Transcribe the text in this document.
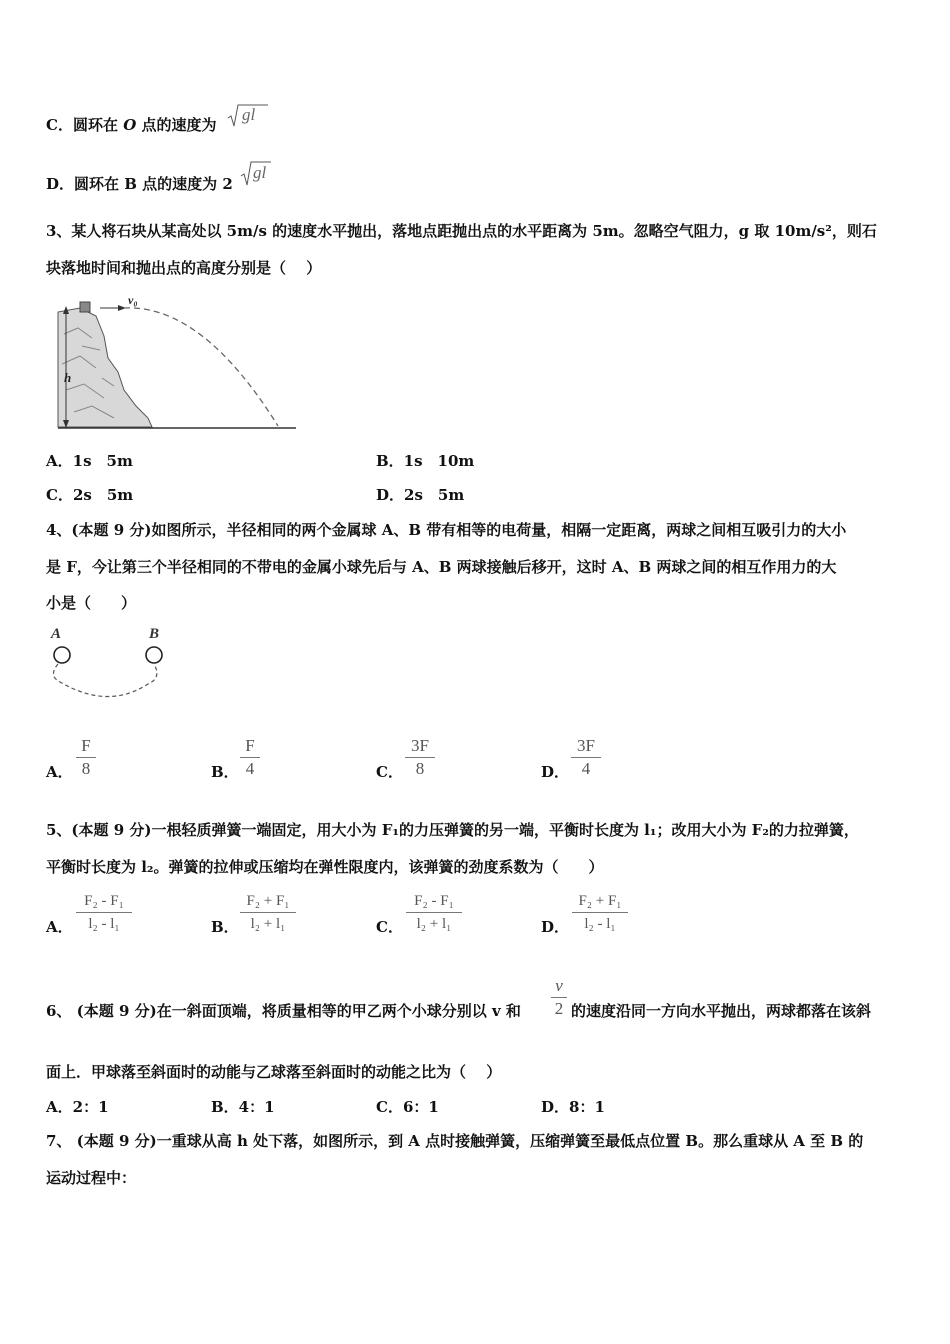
C．圆环在 O 点的速度为
gl
D．圆环在 B 点的速度为 2
gl
3、某人将石块从某高处以 5m/s 的速度水平抛出，落地点距抛出点的水平距离为 5m。忽略空气阻力，g 取 10m/s²，则石
块落地时间和抛出点的高度分别是（　 ）
h
v₀
A．1s　5m	B．1s　10m
C．2s　5m	D．2s　5m
4、(本题 9 分)如图所示，半径相同的两个金属球 A、B 带有相等的电荷量，相隔一定距离，两球之间相互吸引力的大小
是 F，今让第三个半径相同的不带电的金属小球先后与 A、B 两球接触后移开，这时 A、B 两球之间的相互作用力的大
小是（　　）
A	B
A．
F
8	B．
F
4	C．
3F
8	D．
3F
4
5、(本题 9 分)一根轻质弹簧一端固定，用大小为 F₁的力压弹簧的另一端，平衡时长度为 l₁；改用大小为 F₂的力拉弹簧，
平衡时长度为 l₂。弹簧的拉伸或压缩均在弹性限度内，该弹簧的劲度系数为（　　）
A．
F₂ - F₁
l₂ - l₁	B．
F₂ + F₁
l₂ + l₁	C．
F₂ - F₁
l₂ + l₁	D．
F₂ + F₁
l₂ - l₁
6、 (本题 9 分)在一斜面顶端，将质量相等的甲乙两个小球分别以 v 和
v
2 的速度沿同一方向水平抛出，两球都落在该斜
面上．甲球落至斜面时的动能与乙球落至斜面时的动能之比为（　 ）
A．2：1	B．4：1	C．6：1	D．8：1
7、 (本题 9 分)一重球从高 h 处下落，如图所示，到 A 点时接触弹簧，压缩弹簧至最低点位置 B。那么重球从 A 至 B 的
运动过程中：
